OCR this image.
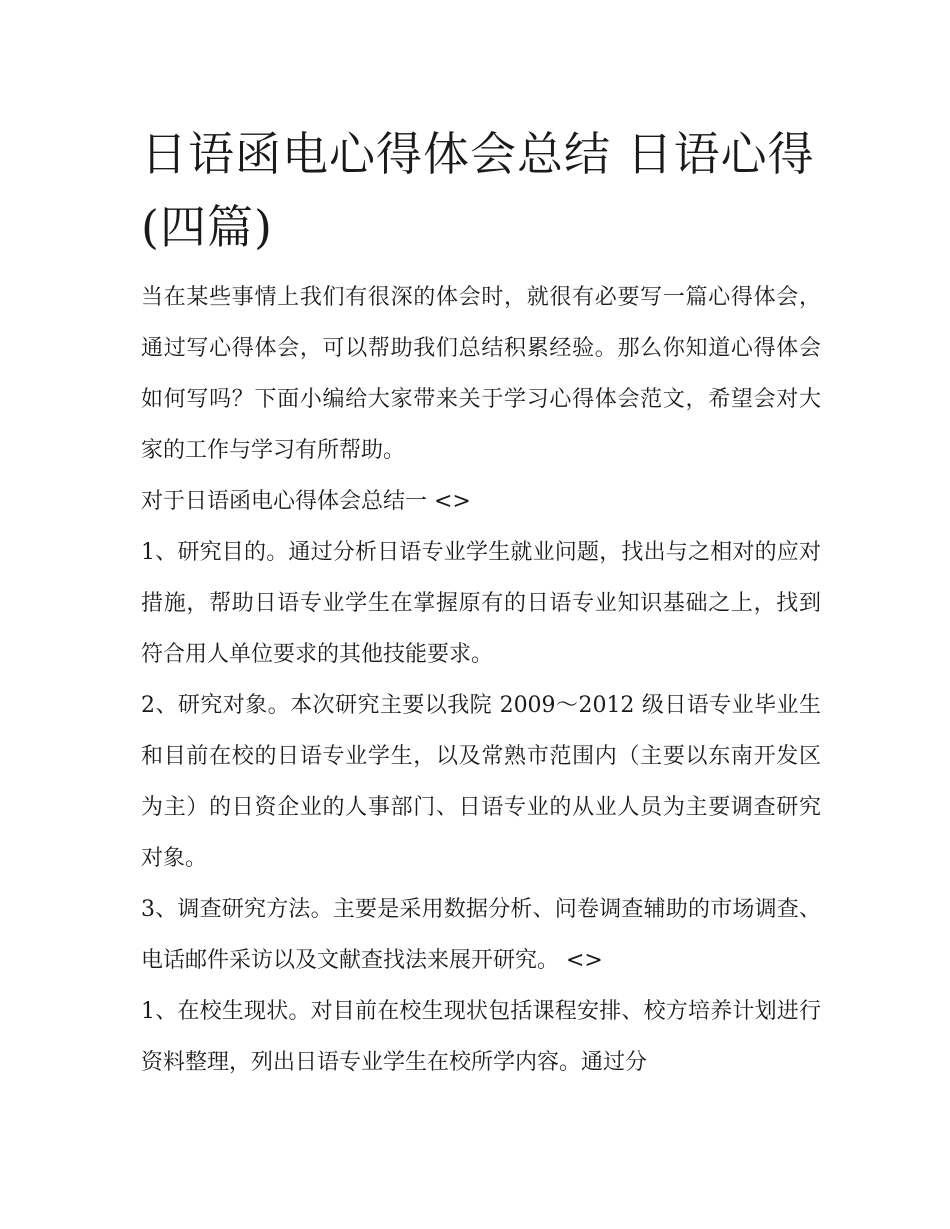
日语函电心得体会总结 日语心得(四篇)

当在某些事情上我们有很深的体会时，就很有必要写一篇心得体会，通过写心得体会，可以帮助我们总结积累经验。那么你知道心得体会如何写吗？下面小编给大家带来关于学习心得体会范文，希望会对大家的工作与学习有所帮助。

对于日语函电心得体会总结一 <>

1、研究目的。通过分析日语专业学生就业问题，找出与之相对的应对措施，帮助日语专业学生在掌握原有的日语专业知识基础之上，找到符合用人单位要求的其他技能要求。

2、研究对象。本次研究主要以我院 2009～2012 级日语专业毕业生和目前在校的日语专业学生，以及常熟市范围内（主要以东南开发区为主）的日资企业的人事部门、日语专业的从业人员为主要调查研究对象。

3、调查研究方法。主要是采用数据分析、问卷调查辅助的市场调查、电话邮件采访以及文献查找法来展开研究。 <>

1、在校生现状。对目前在校生现状包括课程安排、校方培养计划进行资料整理，列出日语专业学生在校所学内容。通过分
